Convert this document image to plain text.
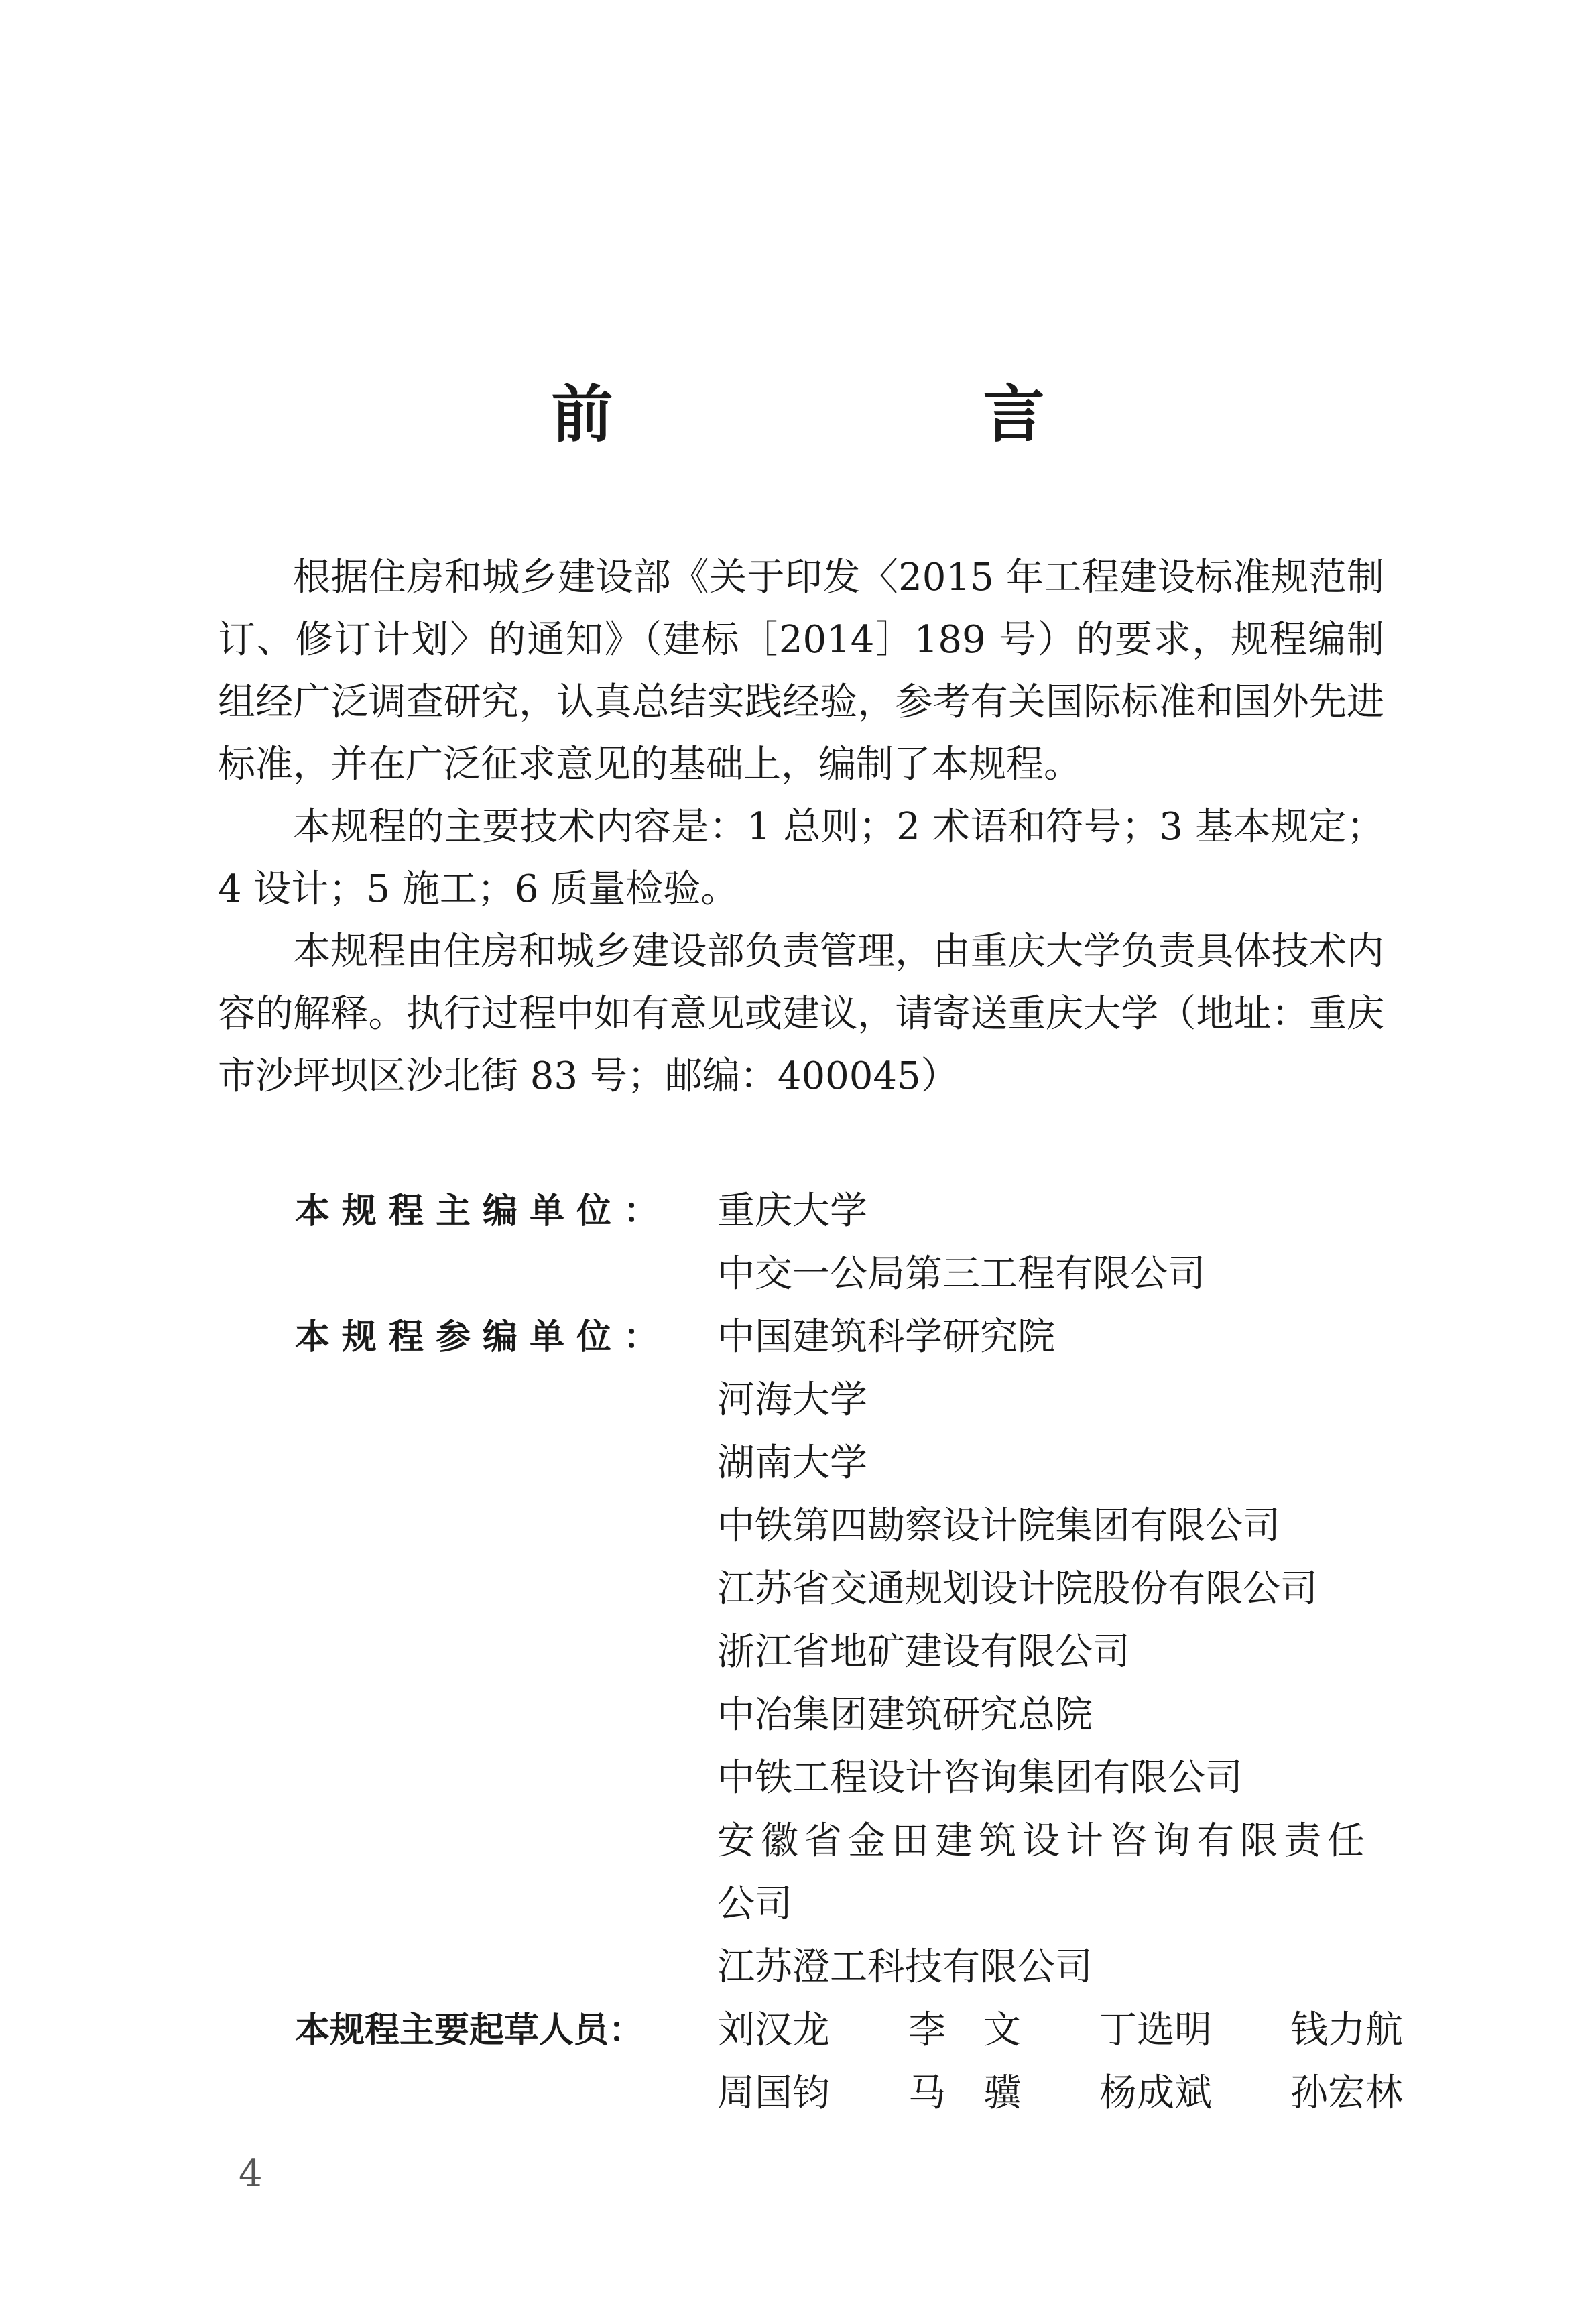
前　言

根据住房和城乡建设部《关于印发〈2015 年工程建设标准规范制订、修订计划〉的通知》（建标［2014］189 号）的要求，规程编制组经广泛调查研究，认真总结实践经验，参考有关国际标准和国外先进标准，并在广泛征求意见的基础上，编制了本规程。

本规程的主要技术内容是：1 总则；2 术语和符号；3 基本规定；4 设计；5 施工；6 质量检验。

本规程由住房和城乡建设部负责管理，由重庆大学负责具体技术内容的解释。执行过程中如有意见或建议，请寄送重庆大学（地址：重庆市沙坪坝区沙北街 83 号；邮编：400045）

本规程主编单位：	重庆大学
中交一公局第三工程有限公司
本规程参编单位：	中国建筑科学研究院
河海大学
湖南大学
中铁第四勘察设计院集团有限公司
江苏省交通规划设计院股份有限公司
浙江省地矿建设有限公司
中冶集团建筑研究总院
中铁工程设计咨询集团有限公司
安徽省金田建筑设计咨询有限责任
公司
江苏澄工科技有限公司
本规程主要起草人员：	刘汉龙	李　文	丁选明	钱力航
周国钧	马　骥	杨成斌	孙宏林
4
